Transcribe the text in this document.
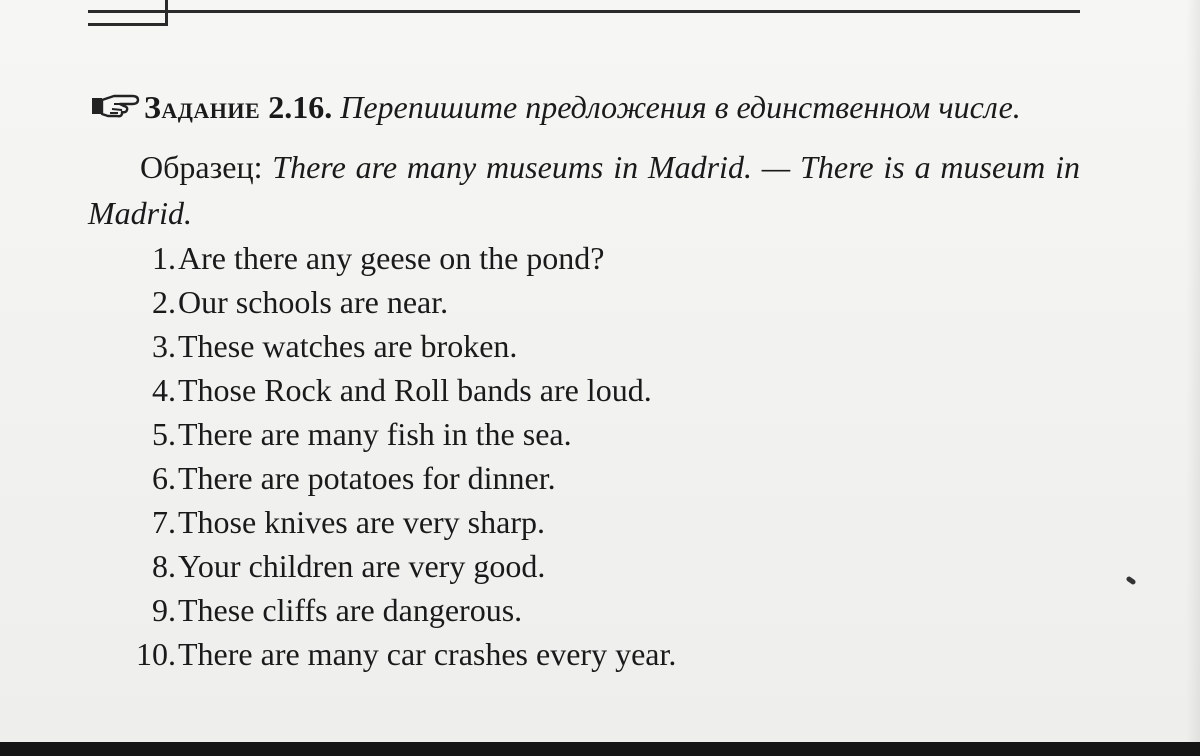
Задание 2.16. Перепишите предложения в единственном числе.

Образец: There are many museums in Madrid. — There is a museum in Madrid.

1. Are there any geese on the pond?
2. Our schools are near.
3. These watches are broken.
4. Those Rock and Roll bands are loud.
5. There are many fish in the sea.
6. There are potatoes for dinner.
7. Those knives are very sharp.
8. Your children are very good.
9. These cliffs are dangerous.
10. There are many car crashes every year.
